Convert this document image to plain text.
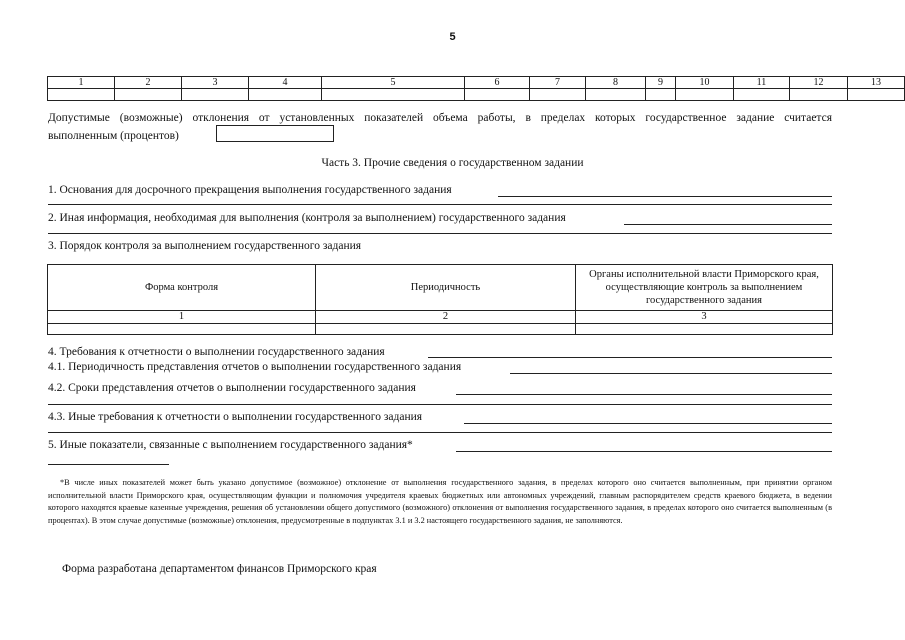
5
1	2	3	4	5	6	7	8	9	10	11	12	13

Допустимые (возможные) отклонения от установленных показателей объема работы, в пределах которых государственное задание считается
выполненным (процентов)
Часть 3. Прочие сведения о государственном задании
1. Основания для досрочного прекращения выполнения государственного задания
2. Иная информация, необходимая для выполнения (контроля за выполнением) государственного задания
3. Порядок контроля за выполнением государственного задания
Форма контроля	Периодичность	Органы исполнительной власти Приморского края, осуществляющие контроль за выполнением государственного задания
1	2	3

4. Требования к отчетности о выполнении государственного задания
4.1. Периодичность представления отчетов о выполнении государственного задания
4.2. Сроки представления отчетов о выполнении государственного задания
4.3. Иные требования к отчетности о выполнении государственного задания
5. Иные показатели, связанные с выполнением государственного задания*
*В числе иных показателей может быть указано допустимое (возможное) отклонение от выполнения государственного задания, в пределах которого оно считается выполненным, при принятии органом исполнительной власти Приморского края, осуществляющим функции и полномочия учредителя краевых бюджетных или автономных учреждений, главным распорядителем средств краевого бюджета, в ведении которого находятся краевые казенные учреждения, решения об установлении общего допустимого (возможного) отклонения от выполнения государственного задания, в пределах которого оно считается выполненным (в процентах). В этом случае допустимые (возможные) отклонения, предусмотренные в подпунктах 3.1 и 3.2 настоящего государственного задания, не заполняются.
Форма разработана департаментом финансов Приморского края
